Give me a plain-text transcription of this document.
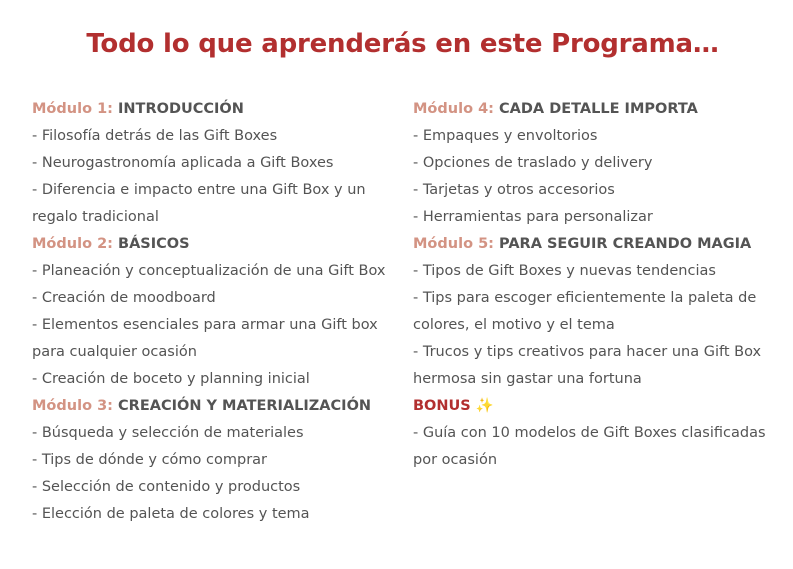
Todo lo que aprenderás en este Programa…
Módulo 1: INTRODUCCIÓN
- Filosofía detrás de las Gift Boxes
- Neurogastronomía aplicada a Gift Boxes
- Diferencia e impacto entre una Gift Box y un regalo tradicional
Módulo 2: BÁSICOS
- Planeación y conceptualización de una Gift Box
- Creación de moodboard
- Elementos esenciales para armar una Gift box para cualquier ocasión
- Creación de boceto y planning inicial
Módulo 3: CREACIÓN Y MATERIALIZACIÓN
- Búsqueda y selección de materiales
- Tips de dónde y cómo comprar
- Selección de contenido y productos
- Elección de paleta de colores y tema
Módulo 4: CADA DETALLE IMPORTA
- Empaques y envoltorios
- Opciones de traslado y delivery
- Tarjetas y otros accesorios
- Herramientas para personalizar
Módulo 5: PARA SEGUIR CREANDO MAGIA
- Tipos de Gift Boxes y nuevas tendencias
- Tips para escoger eficientemente la paleta de colores, el motivo y el tema
- Trucos y tips creativos para hacer una Gift Box hermosa sin gastar una fortuna
BONUS ✨
- Guía con 10 modelos de Gift Boxes clasificadas por ocasión
